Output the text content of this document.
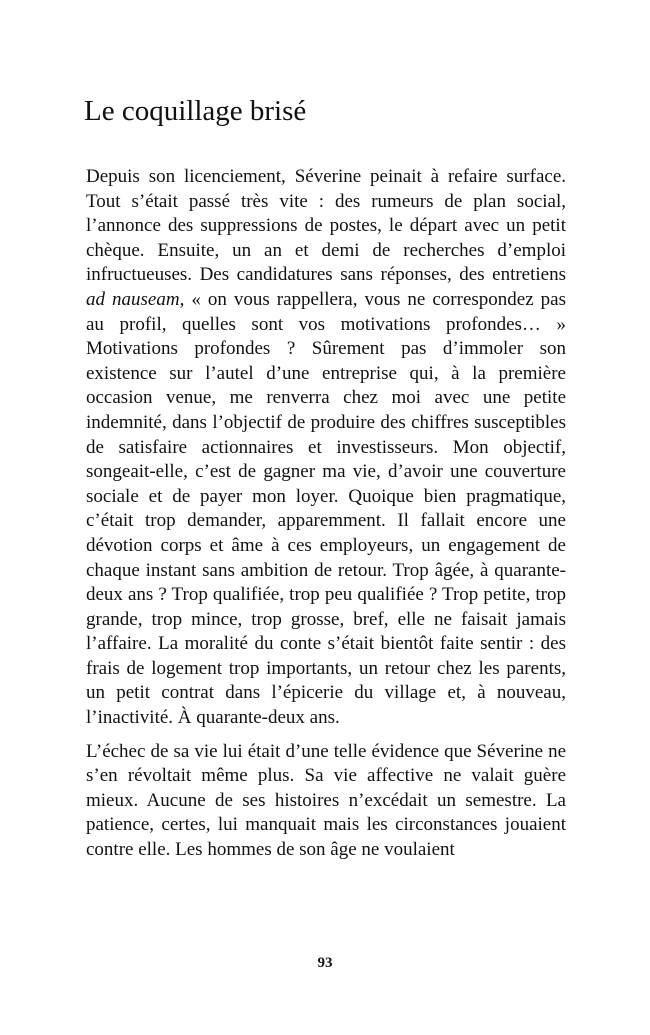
Le coquillage brisé

Depuis son licenciement, Séverine peinait à refaire surface. Tout s’était passé très vite : des rumeurs de plan social, l’annonce des suppressions de postes, le départ avec un petit chèque. Ensuite, un an et demi de recherches d’emploi infructueuses. Des candidatures sans réponses, des entretiens ad nauseam, « on vous rappellera, vous ne correspondez pas au profil, quelles sont vos motivations profondes… » Motivations profondes ? Sûrement pas d’immoler son existence sur l’autel d’une entreprise qui, à la première occasion venue, me renverra chez moi avec une petite indemnité, dans l’objectif de produire des chiffres susceptibles de satisfaire actionnaires et investisseurs. Mon objectif, songeait-elle, c’est de gagner ma vie, d’avoir une couverture sociale et de payer mon loyer. Quoique bien pragmatique, c’était trop demander, apparemment. Il fallait encore une dévotion corps et âme à ces employeurs, un engagement de chaque instant sans ambition de retour. Trop âgée, à quarante-deux ans ? Trop qualifiée, trop peu qualifiée ? Trop petite, trop grande, trop mince, trop grosse, bref, elle ne faisait jamais l’affaire. La moralité du conte s’était bientôt faite sentir : des frais de logement trop importants, un retour chez les parents, un petit contrat dans l’épicerie du village et, à nouveau, l’inactivité. À quarante-deux ans.

L’échec de sa vie lui était d’une telle évidence que Séverine ne s’en révoltait même plus. Sa vie affective ne valait guère mieux. Aucune de ses histoires n’excédait un semestre. La patience, certes, lui manquait mais les circonstances jouaient contre elle. Les hommes de son âge ne voulaient

93
